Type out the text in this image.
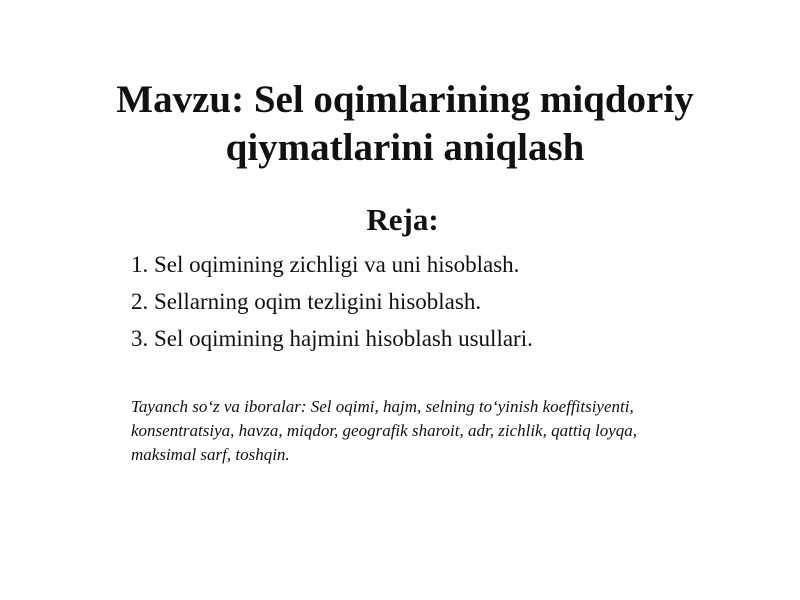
Mavzu: Sel oqimlarining miqdoriy
qiymatlarini aniqlash
Reja:
1. Sel oqimining zichligi va uni hisoblash.
2. Sellarning oqim tezligini hisoblash.
3. Sel oqimining hajmini hisoblash usullari.

Tayanch so‘z va iboralar: Sel oqimi, hajm, selning to‘yinish koeffitsiyenti, konsentratsiya, havza, miqdor, geografik sharoit, adr, zichlik, qattiq loyqa, maksimal sarf, toshqin.
